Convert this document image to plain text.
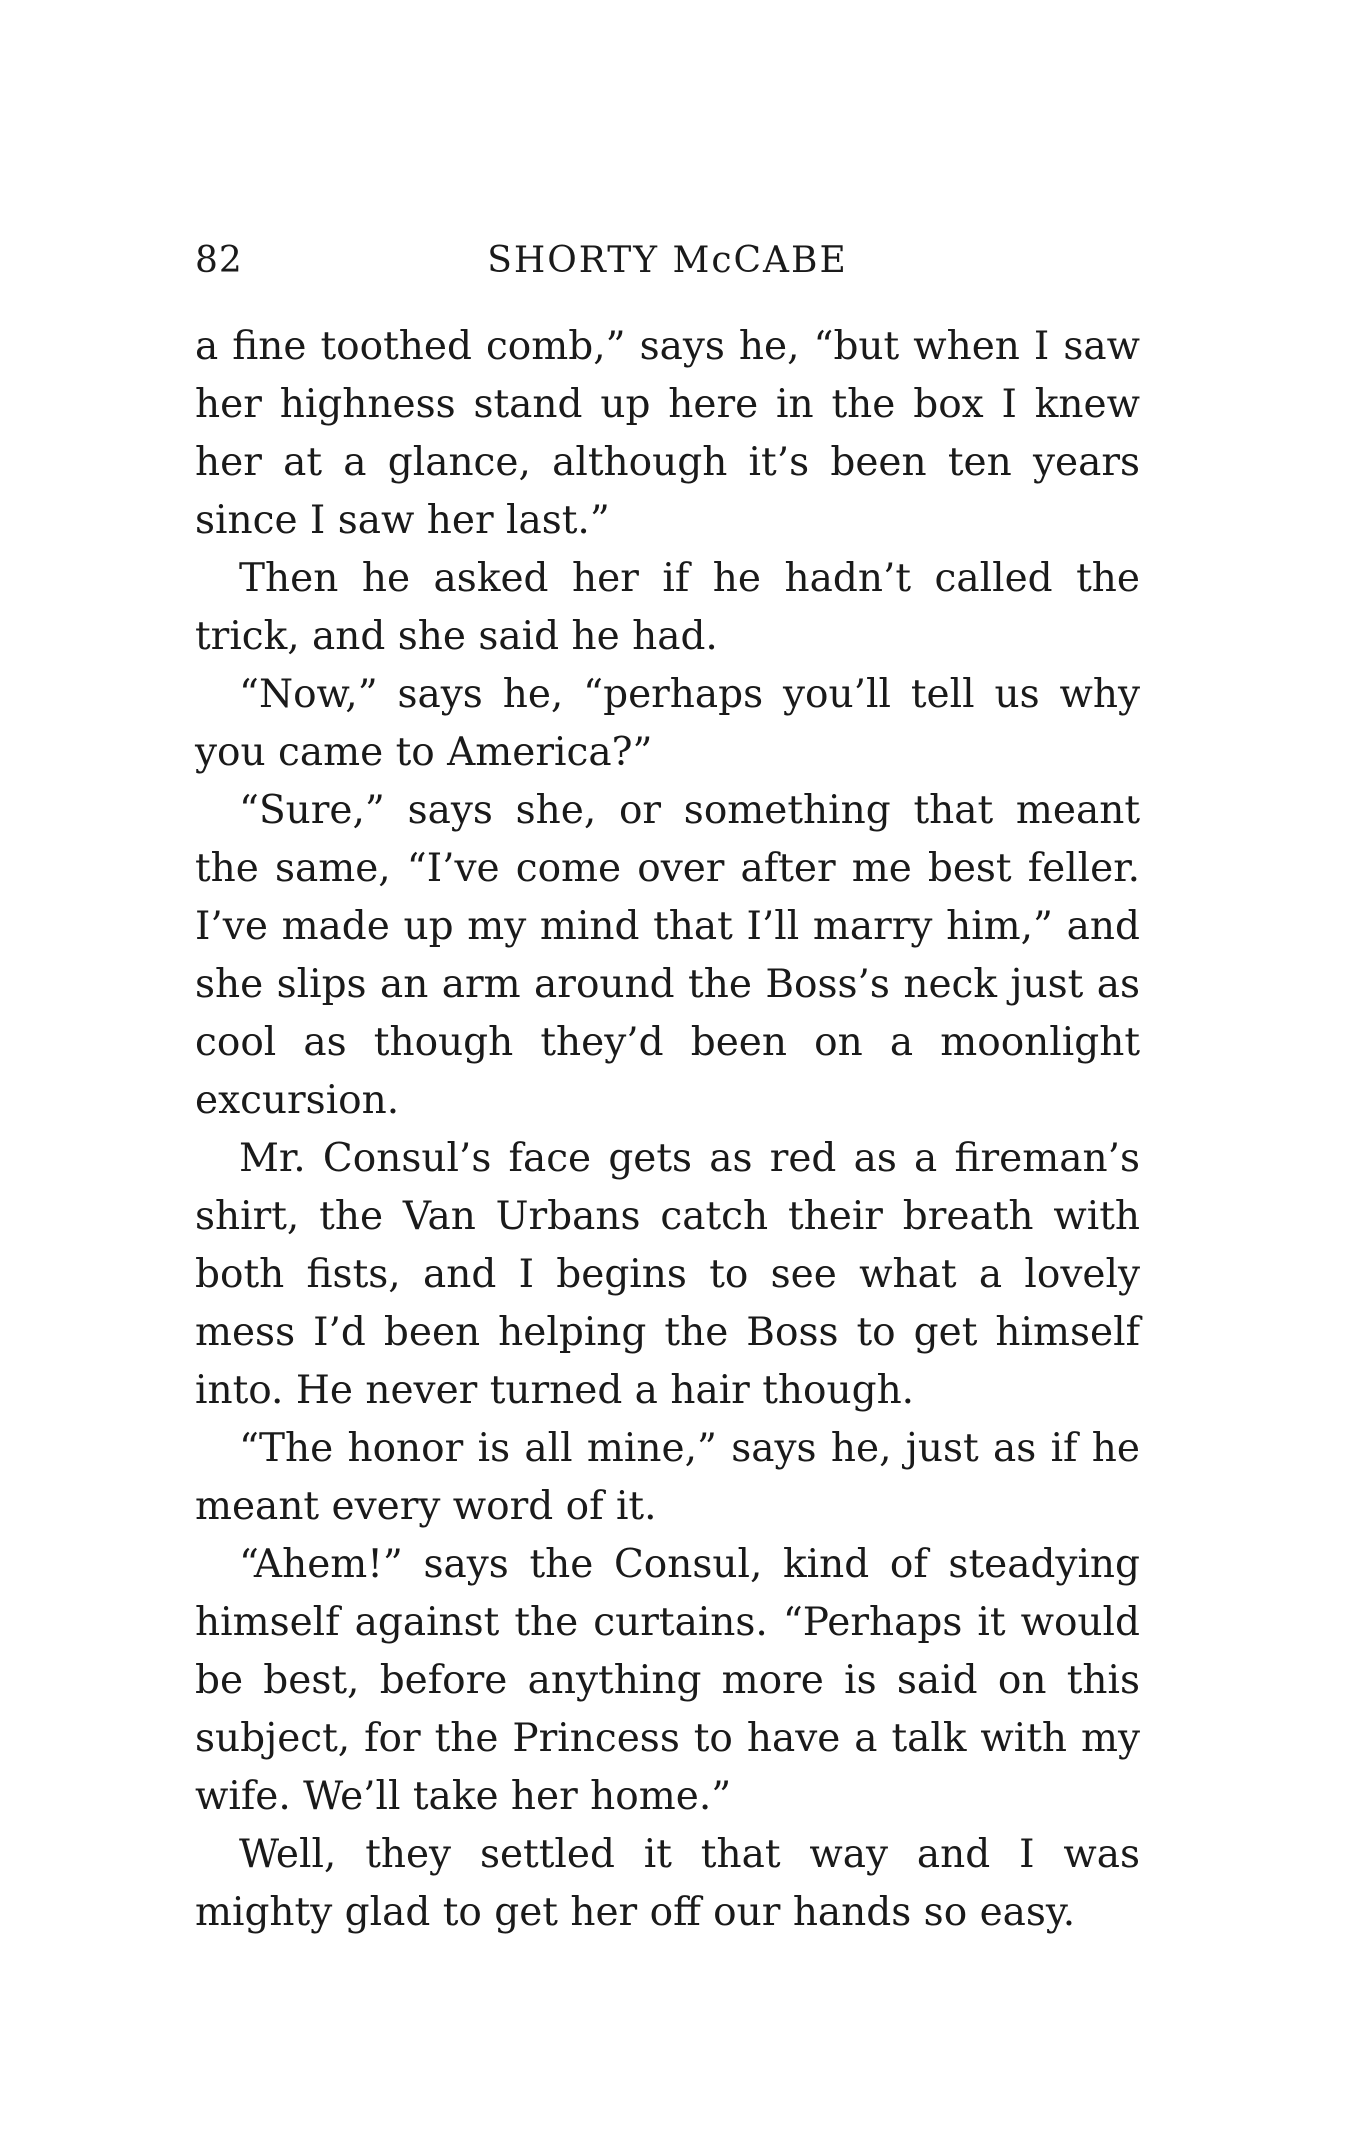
82	SHORTY McCABE

a fine toothed comb,” says he, “but when I saw her highness stand up here in the box I knew her at a glance, although it’s been ten years since I saw her last.”

Then he asked her if he hadn’t called the trick, and she said he had.

“Now,” says he, “perhaps you’ll tell us why you came to America?”

“Sure,” says she, or something that meant the same, “I’ve come over after me best feller. I’ve made up my mind that I’ll marry him,” and she slips an arm around the Boss’s neck just as cool as though they’d been on a moonlight excursion.

Mr. Consul’s face gets as red as a fireman’s shirt, the Van Urbans catch their breath with both fists, and I begins to see what a lovely mess I’d been helping the Boss to get himself into. He never turned a hair though.

“The honor is all mine,” says he, just as if he meant every word of it.

“Ahem!” says the Consul, kind of steadying himself against the curtains. “Perhaps it would be best, before anything more is said on this subject, for the Princess to have a talk with my wife. We’ll take her home.”

Well, they settled it that way and I was mighty glad to get her off our hands so easy.
